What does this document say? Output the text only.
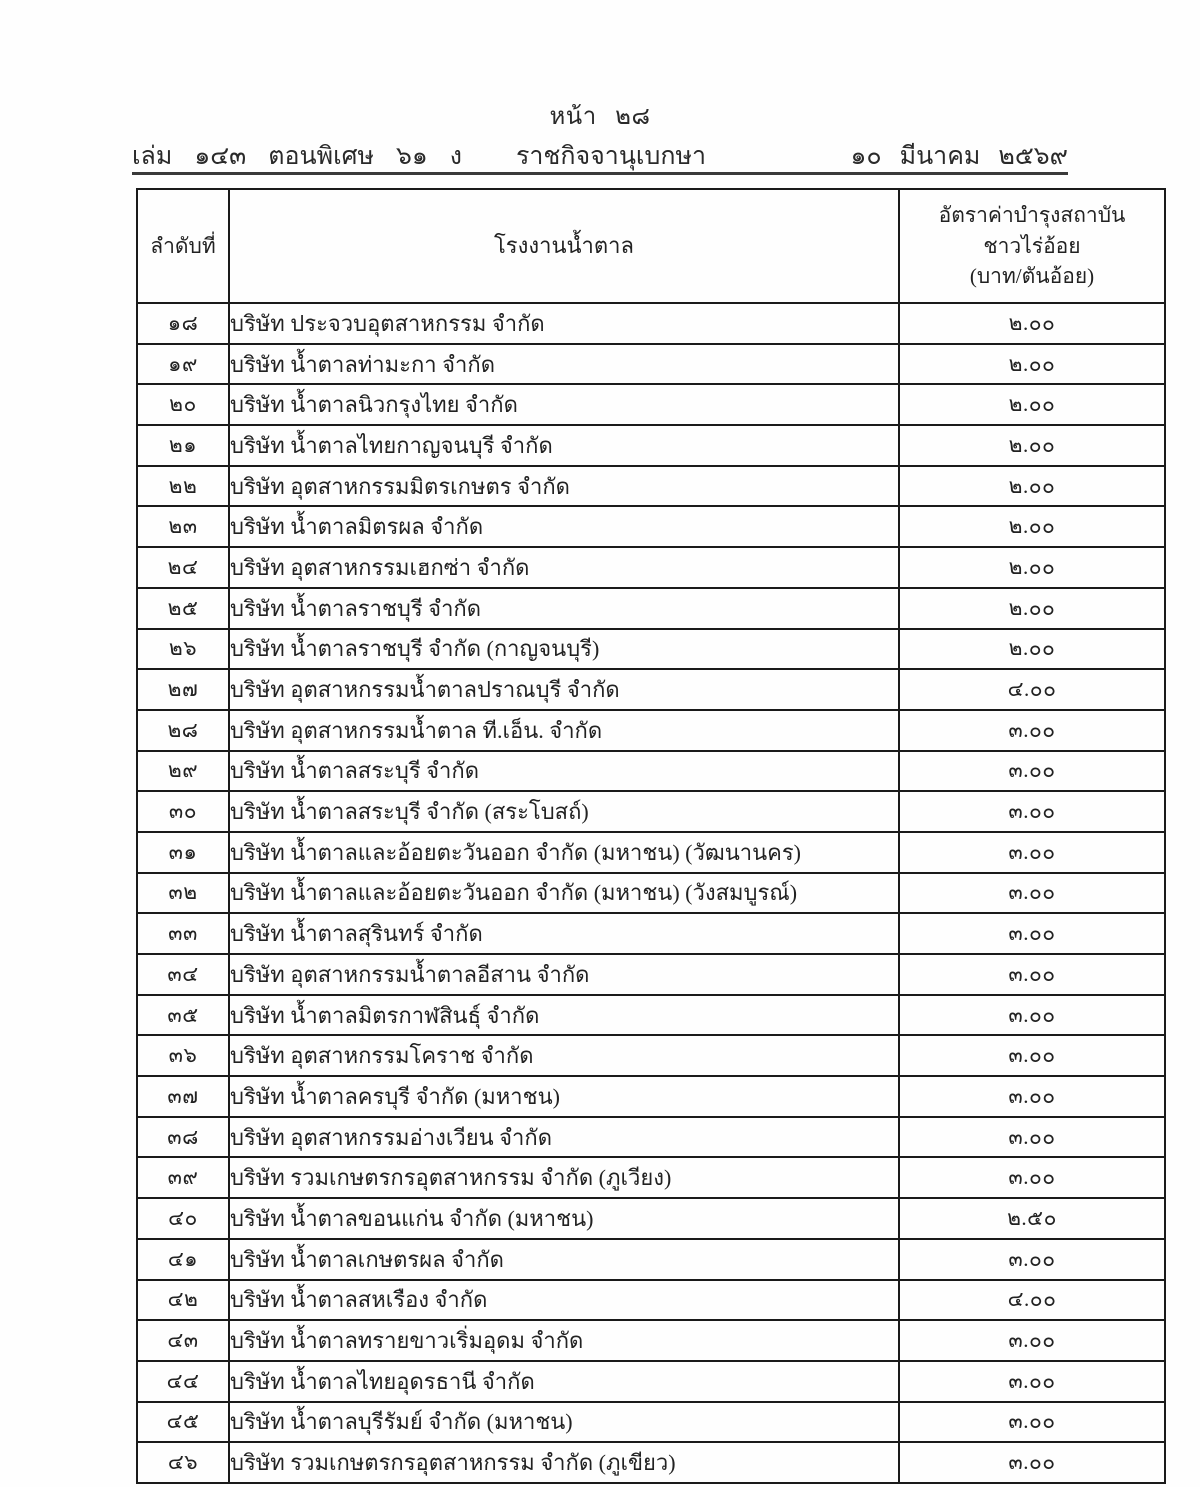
หน้า ๒๘
เล่ม ๑๔๓ ตอนพิเศษ ๖๑ ง	ราชกิจจานุเบกษา	๑๐ มีนาคม ๒๕๖๙
ลำดับที่	โรงงานน้ำตาล	อัตราค่าบำรุงสถาบัน
ชาวไร่อ้อย
(บาท/ตันอ้อย)

๑๘	บริษัท ประจวบอุตสาหกรรม จำกัด	๒.๐๐
๑๙	บริษัท น้ำตาลท่ามะกา จำกัด	๒.๐๐
๒๐	บริษัท น้ำตาลนิวกรุงไทย จำกัด	๒.๐๐
๒๑	บริษัท น้ำตาลไทยกาญจนบุรี จำกัด	๒.๐๐
๒๒	บริษัท อุตสาหกรรมมิตรเกษตร จำกัด	๒.๐๐
๒๓	บริษัท น้ำตาลมิตรผล จำกัด	๒.๐๐
๒๔	บริษัท อุตสาหกรรมเฮกซ่า จำกัด	๒.๐๐
๒๕	บริษัท น้ำตาลราชบุรี จำกัด	๒.๐๐
๒๖	บริษัท น้ำตาลราชบุรี จำกัด (กาญจนบุรี)	๒.๐๐
๒๗	บริษัท อุตสาหกรรมน้ำตาลปราณบุรี จำกัด	๔.๐๐
๒๘	บริษัท อุตสาหกรรมน้ำตาล ที.เอ็น. จำกัด	๓.๐๐
๒๙	บริษัท น้ำตาลสระบุรี จำกัด	๓.๐๐
๓๐	บริษัท น้ำตาลสระบุรี จำกัด (สระโบสถ์)	๓.๐๐
๓๑	บริษัท น้ำตาลและอ้อยตะวันออก จำกัด (มหาชน) (วัฒนานคร)	๓.๐๐
๓๒	บริษัท น้ำตาลและอ้อยตะวันออก จำกัด (มหาชน) (วังสมบูรณ์)	๓.๐๐
๓๓	บริษัท น้ำตาลสุรินทร์ จำกัด	๓.๐๐
๓๔	บริษัท อุตสาหกรรมน้ำตาลอีสาน จำกัด	๓.๐๐
๓๕	บริษัท น้ำตาลมิตรกาฬสินธุ์ จำกัด	๓.๐๐
๓๖	บริษัท อุตสาหกรรมโคราช จำกัด	๓.๐๐
๓๗	บริษัท น้ำตาลครบุรี จำกัด (มหาชน)	๓.๐๐
๓๘	บริษัท อุตสาหกรรมอ่างเวียน จำกัด	๓.๐๐
๓๙	บริษัท รวมเกษตรกรอุตสาหกรรม จำกัด (ภูเวียง)	๓.๐๐
๔๐	บริษัท น้ำตาลขอนแก่น จำกัด (มหาชน)	๒.๕๐
๔๑	บริษัท น้ำตาลเกษตรผล จำกัด	๓.๐๐
๔๒	บริษัท น้ำตาลสหเรือง จำกัด	๔.๐๐
๔๓	บริษัท น้ำตาลทรายขาวเริ่มอุดม จำกัด	๓.๐๐
๔๔	บริษัท น้ำตาลไทยอุดรธานี จำกัด	๓.๐๐
๔๕	บริษัท น้ำตาลบุรีรัมย์ จำกัด (มหาชน)	๓.๐๐
๔๖	บริษัท รวมเกษตรกรอุตสาหกรรม จำกัด (ภูเขียว)	๓.๐๐
